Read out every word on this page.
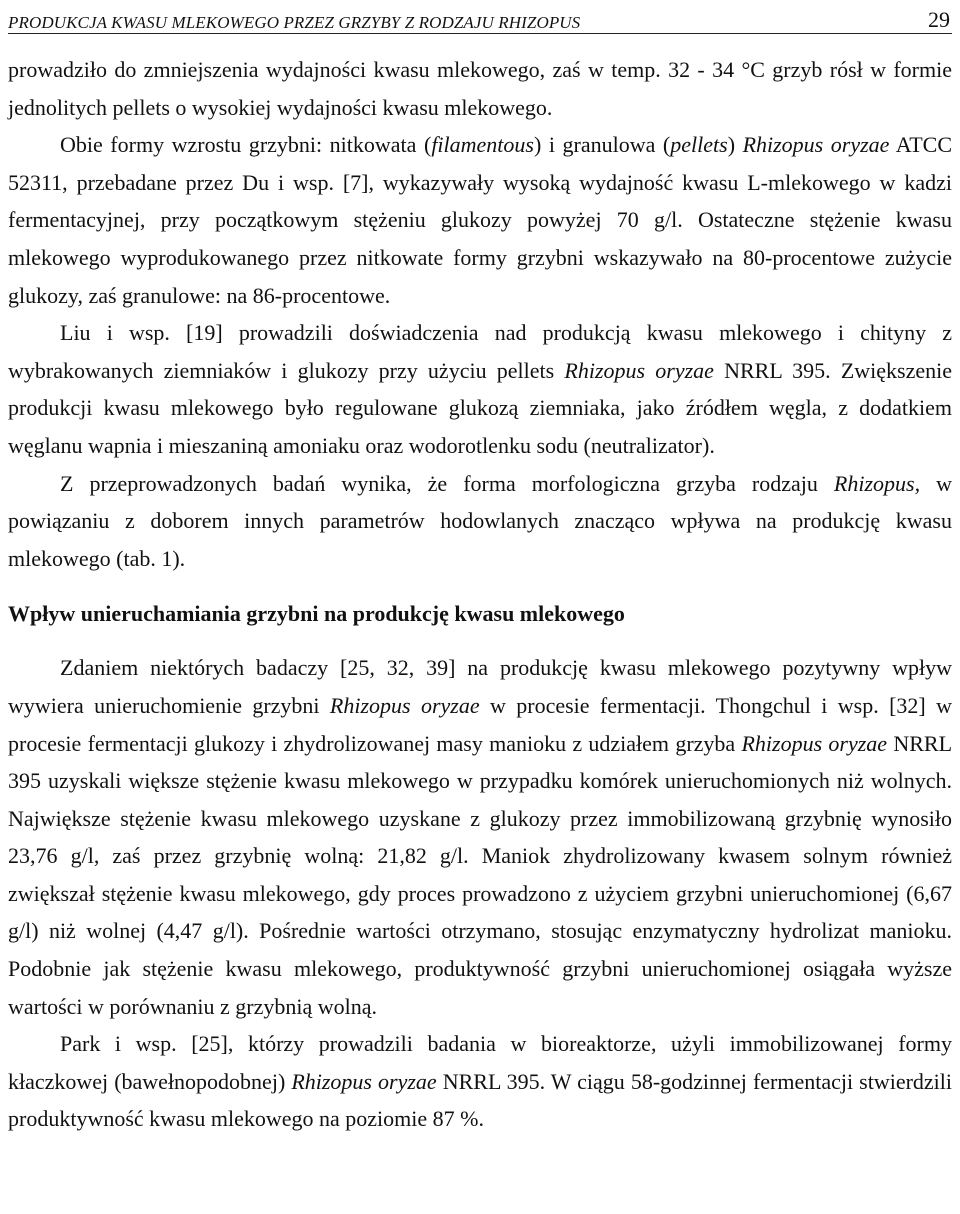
PRODUKCJA KWASU MLEKOWEGO PRZEZ GRZYBY Z RODZAJU RHIZOPUS	29

prowadziło do zmniejszenia wydajności kwasu mlekowego, zaś w temp. 32 - 34 °C grzyb rósł w formie jednolitych pellets o wysokiej wydajności kwasu mlekowego.

Obie formy wzrostu grzybni: nitkowata (filamentous) i granulowa (pellets) Rhizopus oryzae ATCC 52311, przebadane przez Du i wsp. [7], wykazywały wysoką wydajność kwasu L-mlekowego w kadzi fermentacyjnej, przy początkowym stężeniu glukozy powyżej 70 g/l. Ostateczne stężenie kwasu mlekowego wyprodukowanego przez nitkowate formy grzybni wskazywało na 80-procentowe zużycie glukozy, zaś granulowe: na 86-procentowe.

Liu i wsp. [19] prowadzili doświadczenia nad produkcją kwasu mlekowego i chityny z wybrakowanych ziemniaków i glukozy przy użyciu pellets Rhizopus oryzae NRRL 395. Zwiększenie produkcji kwasu mlekowego było regulowane glukozą ziemniaka, jako źródłem węgla, z dodatkiem węglanu wapnia i mieszaniną amoniaku oraz wodorotlenku sodu (neutralizator).

Z przeprowadzonych badań wynika, że forma morfologiczna grzyba rodzaju Rhizopus, w powiązaniu z doborem innych parametrów hodowlanych znacząco wpływa na produkcję kwasu mlekowego (tab. 1).

Wpływ unieruchamiania grzybni na produkcję kwasu mlekowego

Zdaniem niektórych badaczy [25, 32, 39] na produkcję kwasu mlekowego pozytywny wpływ wywiera unieruchomienie grzybni Rhizopus oryzae w procesie fermentacji. Thongchul i wsp. [32] w procesie fermentacji glukozy i zhydrolizowanej masy manioku z udziałem grzyba Rhizopus oryzae NRRL 395 uzyskali większe stężenie kwasu mlekowego w przypadku komórek unieruchomionych niż wolnych. Największe stężenie kwasu mlekowego uzyskane z glukozy przez immobilizowaną grzybnię wynosiło 23,76 g/l, zaś przez grzybnię wolną: 21,82 g/l. Maniok zhydrolizowany kwasem solnym również zwiększał stężenie kwasu mlekowego, gdy proces prowadzono z użyciem grzybni unieruchomionej (6,67 g/l) niż wolnej (4,47 g/l). Pośrednie wartości otrzymano, stosując enzymatyczny hydrolizat manioku. Podobnie jak stężenie kwasu mlekowego, produktywność grzybni unieruchomionej osiągała wyższe wartości w porównaniu z grzybnią wolną.

Park i wsp. [25], którzy prowadzili badania w bioreaktorze, użyli immobilizowanej formy kłaczkowej (bawełnopodobnej) Rhizopus oryzae NRRL 395. W ciągu 58-godzinnej fermentacji stwierdzili produktywność kwasu mlekowego na poziomie 87 %.
